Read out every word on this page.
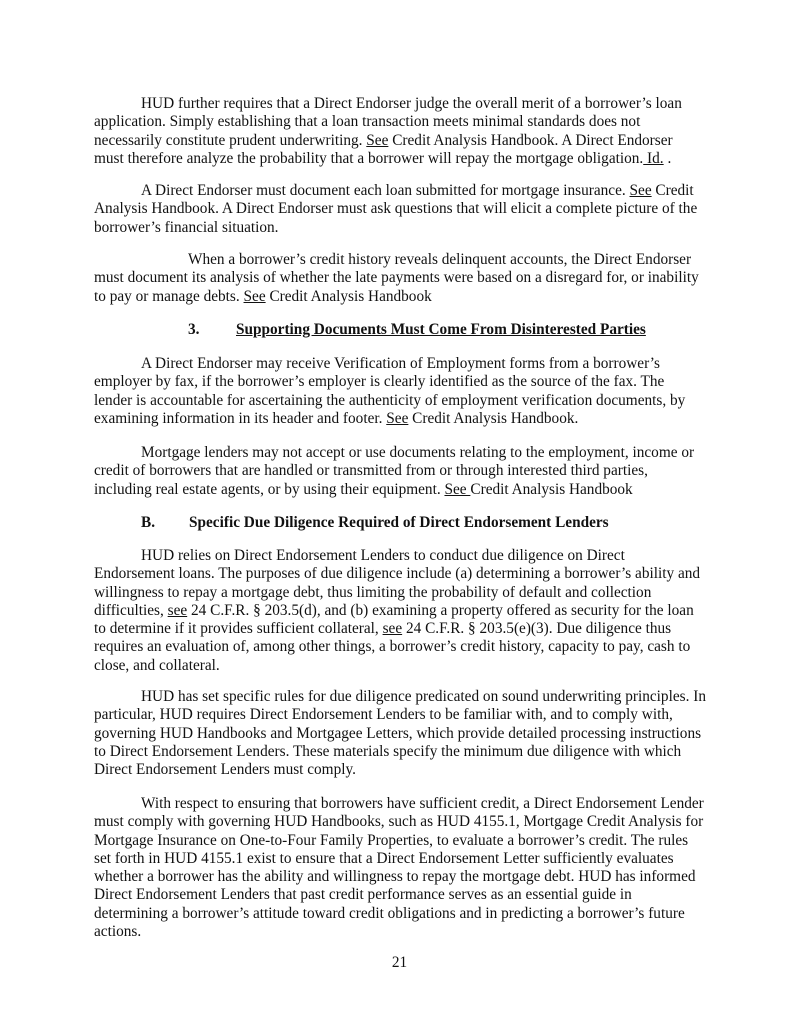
HUD further requires that a Direct Endorser judge the overall merit of a borrower’s loan application. Simply establishing that a loan transaction meets minimal standards does not necessarily constitute prudent underwriting. See Credit Analysis Handbook. A Direct Endorser must therefore analyze the probability that a borrower will repay the mortgage obligation. Id. .

A Direct Endorser must document each loan submitted for mortgage insurance. See Credit Analysis Handbook. A Direct Endorser must ask questions that will elicit a complete picture of the borrower’s financial situation.

When a borrower’s credit history reveals delinquent accounts, the Direct Endorser must document its analysis of whether the late payments were based on a disregard for, or inability to pay or manage debts. See Credit Analysis Handbook

3. Supporting Documents Must Come From Disinterested Parties

A Direct Endorser may receive Verification of Employment forms from a borrower’s employer by fax, if the borrower’s employer is clearly identified as the source of the fax. The lender is accountable for ascertaining the authenticity of employment verification documents, by examining information in its header and footer. See Credit Analysis Handbook.

Mortgage lenders may not accept or use documents relating to the employment, income or credit of borrowers that are handled or transmitted from or through interested third parties, including real estate agents, or by using their equipment. See Credit Analysis Handbook

B. Specific Due Diligence Required of Direct Endorsement Lenders

HUD relies on Direct Endorsement Lenders to conduct due diligence on Direct Endorsement loans. The purposes of due diligence include (a) determining a borrower’s ability and willingness to repay a mortgage debt, thus limiting the probability of default and collection difficulties, see 24 C.F.R. § 203.5(d), and (b) examining a property offered as security for the loan to determine if it provides sufficient collateral, see 24 C.F.R. § 203.5(e)(3). Due diligence thus requires an evaluation of, among other things, a borrower’s credit history, capacity to pay, cash to close, and collateral.

HUD has set specific rules for due diligence predicated on sound underwriting principles. In particular, HUD requires Direct Endorsement Lenders to be familiar with, and to comply with, governing HUD Handbooks and Mortgagee Letters, which provide detailed processing instructions to Direct Endorsement Lenders. These materials specify the minimum due diligence with which Direct Endorsement Lenders must comply.

With respect to ensuring that borrowers have sufficient credit, a Direct Endorsement Lender must comply with governing HUD Handbooks, such as HUD 4155.1, Mortgage Credit Analysis for Mortgage Insurance on One-to-Four Family Properties, to evaluate a borrower’s credit. The rules set forth in HUD 4155.1 exist to ensure that a Direct Endorsement Letter sufficiently evaluates whether a borrower has the ability and willingness to repay the mortgage debt. HUD has informed Direct Endorsement Lenders that past credit performance serves as an essential guide in determining a borrower’s attitude toward credit obligations and in predicting a borrower’s future actions.

21
